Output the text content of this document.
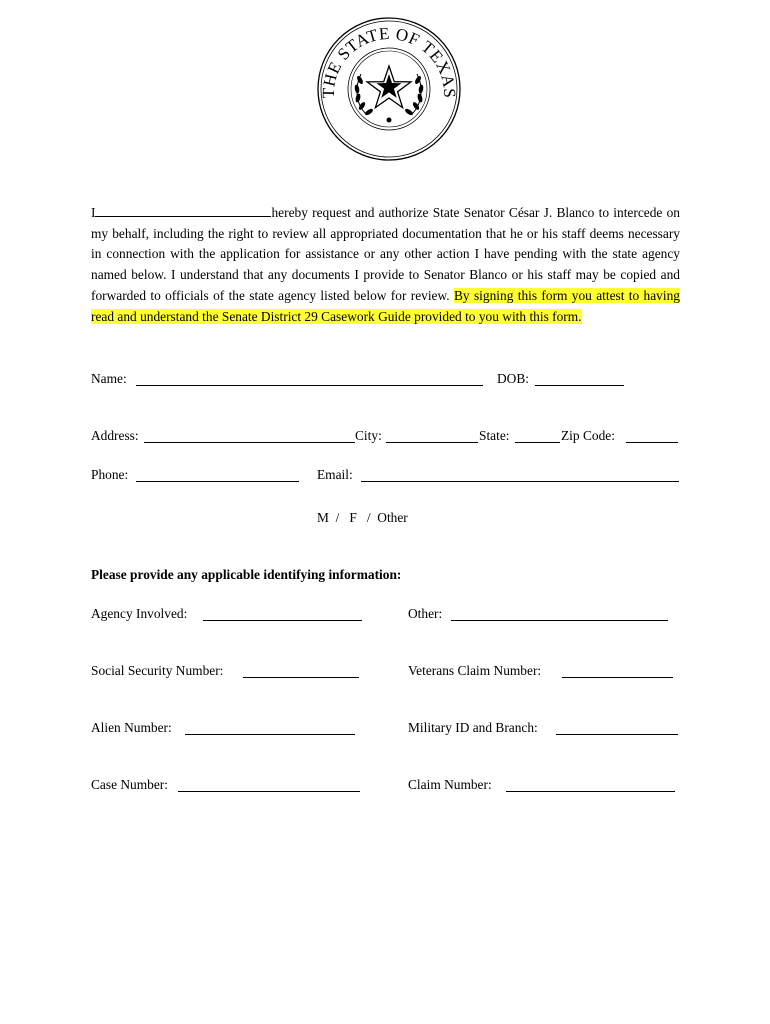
THE STATE OF TEXAS

I	hereby request and authorize State Senator César J. Blanco to intercede on my behalf, including the right to review all appropriated documentation that he or his staff deems necessary in connection with the application for assistance or any other action I have pending with the state agency named below. I understand that any documents I provide to Senator Blanco or his staff may be copied and forwarded to officials of the state agency listed below for review. By signing this form you attest to having read and understand the Senate District 29 Casework Guide provided to you with this form.

Name:	DOB:
Address:	City:	State:	Zip Code:
Phone:	Email:
M  /   F   /  Other
Please provide any applicable identifying information:
Agency Involved:	Other:
Social Security Number:	Veterans Claim Number:
Alien Number:	Military ID and Branch:
Case Number:	Claim Number:
